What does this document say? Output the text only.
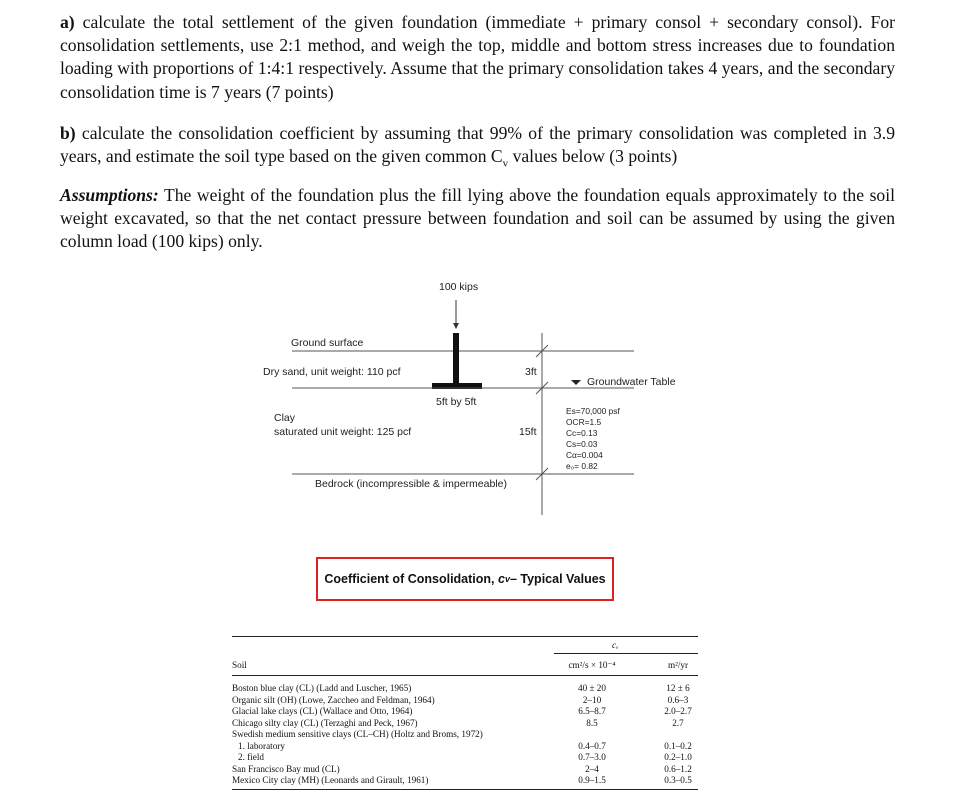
a) calculate the total settlement of the given foundation (immediate + primary consol + secondary consol). For consolidation settlements, use 2:1 method, and weigh the top, middle and bottom stress increases due to foundation loading with proportions of 1:4:1 respectively. Assume that the primary consolidation takes 4 years, and the secondary consolidation time is 7 years (7 points)
b) calculate the consolidation coefficient by assuming that 99% of the primary consolidation was completed in 3.9 years, and estimate the soil type based on the given common $C_v$ values below (3 points)
Assumptions: The weight of the foundation plus the fill lying above the foundation equals approximately to the soil weight excavated, so that the net contact pressure between foundation and soil can be assumed by using the given column load (100 kips) only.
100 kips
Ground surface
Dry sand, unit weight: 110 pcf	3ft
Groundwater Table
5ft by 5ft
Clay
saturated unit weight: 125 pcf	15ft
Es=70,000 psf
OCR=1.5
Cc=0.13
Cs=0.03
Cα=0.004
e₀= 0.82
Bedrock (incompressible & impermeable)
Coefficient of Consolidation,
c v – Typical Values
cᵥ
Soil	cm²/s × 10⁻⁴	m²/yr
Boston blue clay (CL) (Ladd and Luscher, 1965)	40 ± 20	12 ± 6
Organic silt (OH) (Lowe, Zaccheo and Feldman, 1964)	2–10	0.6–3
Glacial lake clays (CL) (Wallace and Otto, 1964)	6.5–8.7	2.0–2.7
Chicago silty clay (CL) (Terzaghi and Peck, 1967)	8.5	2.7
Swedish medium sensitive clays (CL–CH) (Holtz and Broms, 1972)
1. laboratory	0.4–0.7	0.1–0.2
2. field	0.7–3.0	0.2–1.0
San Francisco Bay mud (CL)	2–4	0.6–1.2
Mexico City clay (MH) (Leonards and Girault, 1961)	0.9–1.5	0.3–0.5
